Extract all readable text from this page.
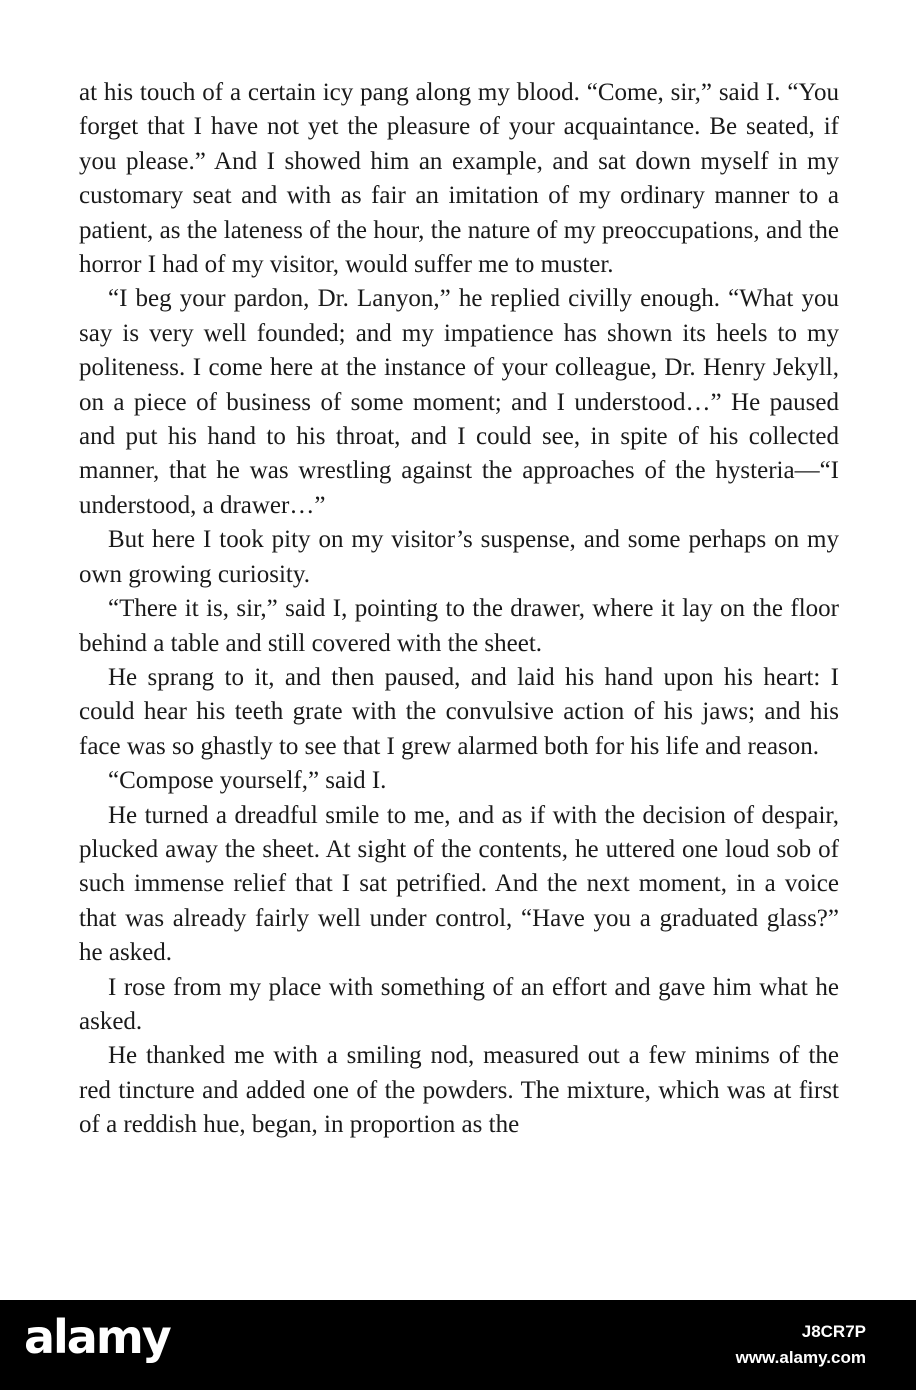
at his touch of a certain icy pang along my blood. “Come, sir,” said I. “You forget that I have not yet the pleasure of your acquaintance. Be seated, if you please.” And I showed him an example, and sat down myself in my customary seat and with as fair an imitation of my ordinary manner to a patient, as the lateness of the hour, the nature of my preoccupations, and the horror I had of my visitor, would suffer me to muster.

“I beg your pardon, Dr. Lanyon,” he replied civilly enough. “What you say is very well founded; and my impatience has shown its heels to my politeness. I come here at the instance of your colleague, Dr. Henry Jekyll, on a piece of business of some moment; and I understood…” He paused and put his hand to his throat, and I could see, in spite of his collected manner, that he was wrestling against the approaches of the hysteria—“I understood, a drawer…”

But here I took pity on my visitor’s suspense, and some perhaps on my own growing curiosity.

“There it is, sir,” said I, pointing to the drawer, where it lay on the floor behind a table and still covered with the sheet.

He sprang to it, and then paused, and laid his hand upon his heart: I could hear his teeth grate with the convulsive action of his jaws; and his face was so ghastly to see that I grew alarmed both for his life and reason.

“Compose yourself,” said I.

He turned a dreadful smile to me, and as if with the decision of despair, plucked away the sheet. At sight of the contents, he uttered one loud sob of such immense relief that I sat petrified. And the next moment, in a voice that was already fairly well under control, “Have you a graduated glass?” he asked.

I rose from my place with something of an effort and gave him what he asked.

He thanked me with a smiling nod, measured out a few minims of the red tincture and added one of the powders. The mixture, which was at first of a reddish hue, began, in proportion as the

alamy	J8CR7P
www.alamy.com
